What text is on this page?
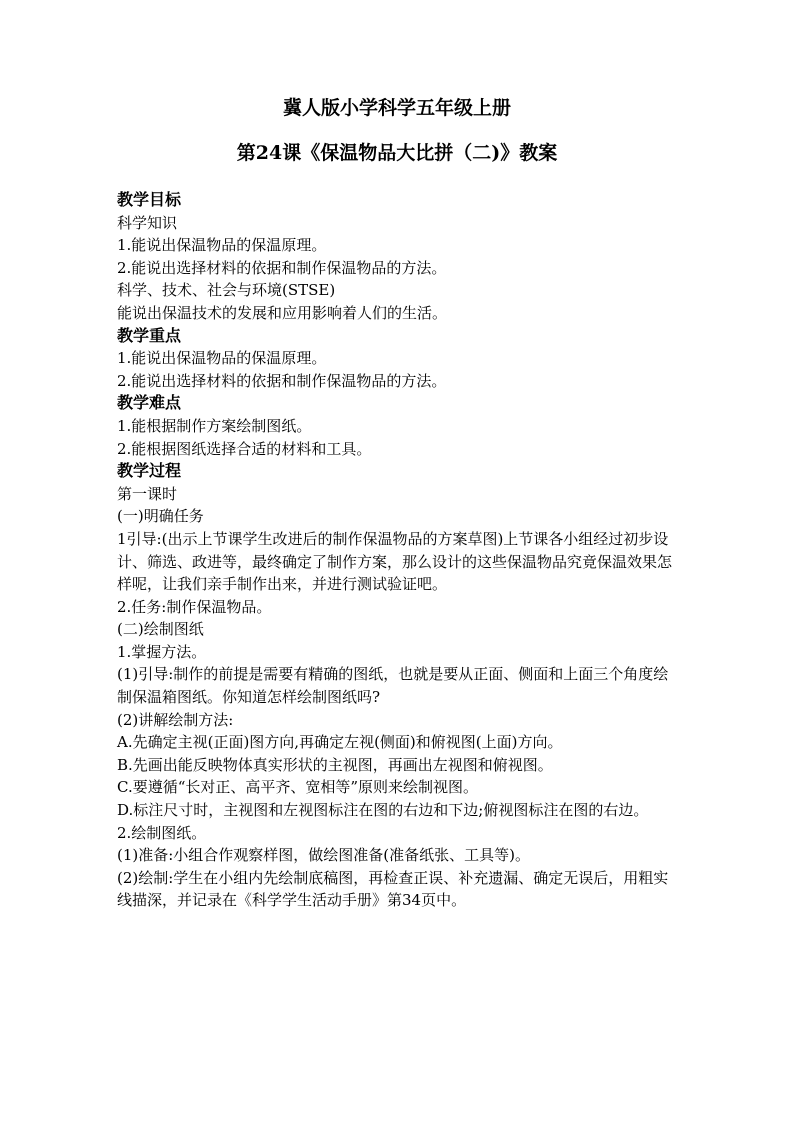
冀人版小学科学五年级上册
第24课《保温物品大比拼（二)》教案

教学目标

科学知识

1.能说出保温物品的保温原理。

2.能说出选择材料的依据和制作保温物品的方法。

科学、技术、社会与环境(STSE)

能说出保温技术的发展和应用影响着人们的生活。

教学重点

1.能说出保温物品的保温原理。

2.能说出选择材料的依据和制作保温物品的方法。

教学难点

1.能根据制作方案绘制图纸。

2.能根据图纸选择合适的材料和工具。

教学过程

第一课时

(一)明确任务

1引导:(出示上节课学生改进后的制作保温物品的方案草图)上节课各小组经过初步设计、筛选、政进等，最终确定了制作方案，那么设计的这些保温物品究竟保温效果怎样呢，让我们亲手制作出来，并进行测试验证吧。

2.任务:制作保温物品。

(二)绘制图纸

1.掌握方法。

(1)引导:制作的前提是需要有精确的图纸，也就是要从正面、侧面和上面三个角度绘制保温箱图纸。你知道怎样绘制图纸吗?

(2)讲解绘制方法:

A.先确定主视(正面)图方向,再确定左视(侧面)和俯视图(上面)方向。

B.先画出能反映物体真实形状的主视图，再画出左视图和俯视图。

C.要遵循“长对正、高平齐、宽相等”原则来绘制视图。

D.标注尺寸时，主视图和左视图标注在图的右边和下边;俯视图标注在图的右边。

2.绘制图纸。

(1)准备:小组合作观察样图，做绘图准备(准备纸张、工具等)。

(2)绘制:学生在小组内先绘制底稿图，再检查正误、补充遗漏、确定无误后，用粗实线描深，并记录在《科学学生活动手册》第34页中。
